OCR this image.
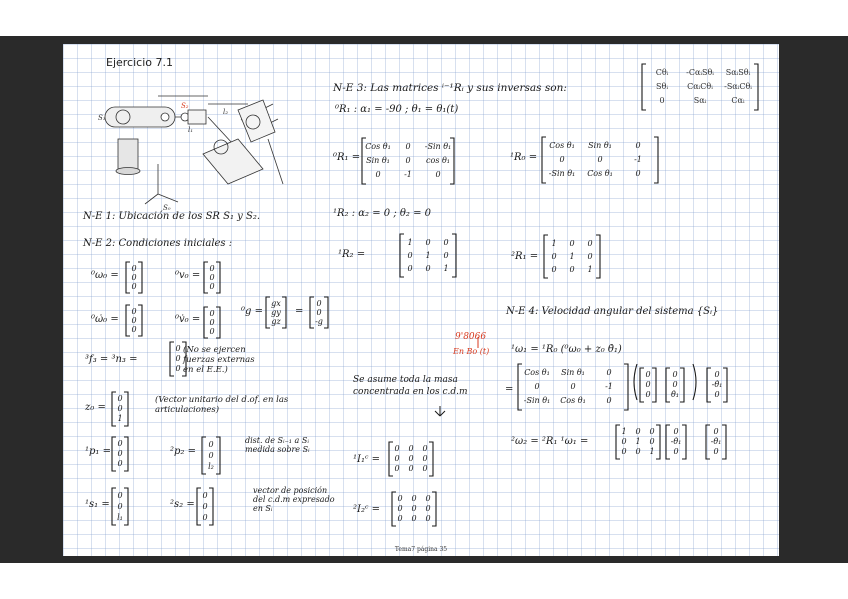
S₁
S₂
S₀
l₁
l₂
Ejercicio 7.1
N-E 3: Las matrices ⁱ⁻¹Rᵢ y sus inversas son:
⁰R₁ : α₁ = -90 ; θ₁ = θ₁(t)
⁰R₁ =	¹R₀ =
¹R₂ : α₂ = 0 ; θ₂ = 0
¹R₂ =	²R₁ =
N-E 1: Ubicación de los SR S₁ y S₂.
N-E 2: Condiciones iniciales :
⁰ω₀ =	⁰v₀ =
⁰ω̇₀ =	⁰v̇₀ =
⁰g =	=
³f₃ = ³n₃ =
(No se ejercen fuerzas externas en el E.E.)
z₀ =
(Vector unitario del d.of. en las articulaciones)
¹p₁ =	²p₂ =
dist. de Sᵢ₋₁ a Sᵢ medida sobre Sᵢ
¹s₁ =	²s₂ =
vector de posición del c.d.m expresado en Sᵢ
Se asume toda la masa concentrada en los c.d.m
¹I₁ᶜ =
²I₂ᶜ =
N-E 4: Velocidad angular del sistema {Sᵢ}
¹ω₁ = ¹R₀ (⁰ω₀ + z₀ θ̇₁)
=
²ω₂ = ²R₁ ¹ω₁ =
9'8066
En Bo (t)
Tema7 página 35
Cθᵢ	-CαᵢSθᵢ	SαᵢSθᵢ
Sθᵢ	CαᵢCθᵢ	-SαᵢCθᵢ
0	Sαᵢ	Cαᵢ
Cos θ₁	0	-Sin θ₁
Sin θ₁	0	cos θ₁
0	-1	0
Cos θ₁	Sin θ₁	0
0	0	-1
-Sin θ₁	Cos θ₁	0
1	0	0
0	1	0
0	0	1
1	0	0
0	1	0
0	0	1
0
0
0
0
0
0
0
0
0
0
0
0
gx
gy
gz
0
0
-g
0
0
0
0
0
1
0
0
0
0
0
l₂
0
0
l₁
0
0
0
0	0	0
0	0	0
0	0	0
0	0	0
0	0	0
0	0	0
Cos θ₁	Sin θ₁	0
0	0	-1
-Sin θ₁	Cos θ₁	0
0
0
0
0
0
θ̇₁
0
-θ̇₁
0
1	0	0
0	1	0
0	0	1
0
-θ̇₁
0
0
-θ̇₁
0
